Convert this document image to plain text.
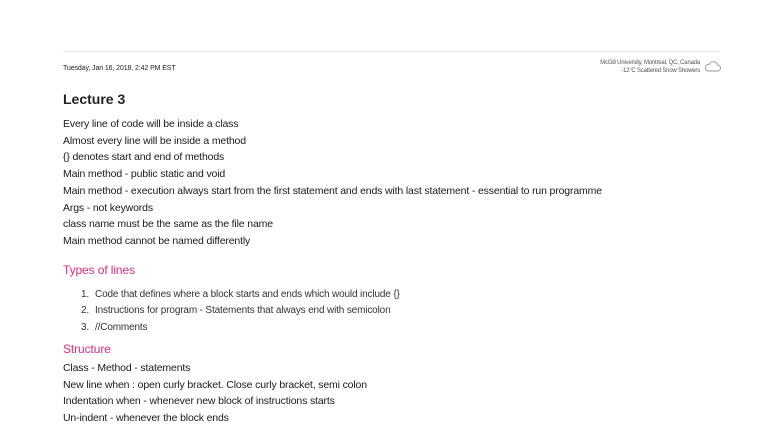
Tuesday, Jan 16, 2018, 2:42 PM EST
McGill University, Montreal, QC, Canada
-12°C Scattered Snow Showers
Lecture 3
Every line of code will be inside a class
Almost every line will be inside a method
{} denotes start and end of methods
Main method - public static and void
Main method - execution always start from the first statement and ends with last statement - essential to run programme
Args - not keywords
class name must be the same as the file name
Main method cannot be named differently
Types of lines
1. Code that defines where a block starts and ends which would include {}
2. Instructions for program - Statements that always end with semicolon
3. //Comments
Structure
Class - Method - statements
New line when : open curly bracket. Close curly bracket, semi colon
Indentation when - whenever new block of instructions starts
Un-indent - whenever the block ends
